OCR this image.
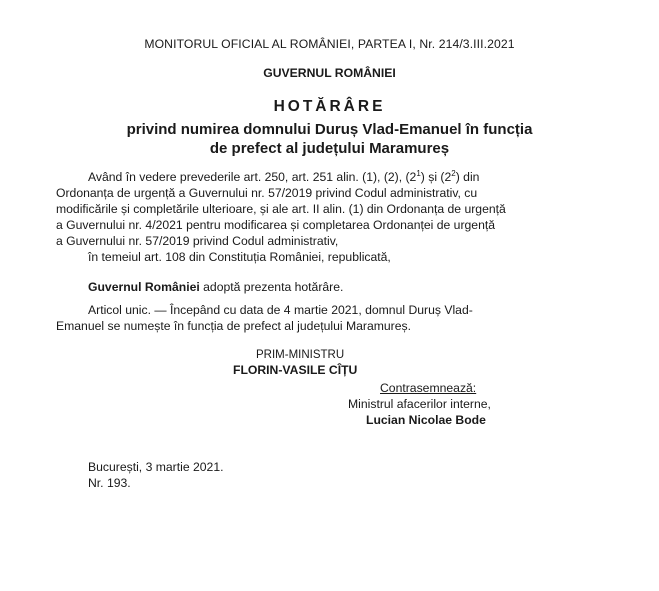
MONITORUL OFICIAL AL ROMÂNIEI, PARTEA I, Nr. 214/3.III.2021
GUVERNUL ROMÂNIEI
HOTĂRÂRE
privind numirea domnului Duruș Vlad-Emanuel în funcția
de prefect al județului Maramureș
Având în vedere prevederile art. 250, art. 251 alin. (1), (2), $(2^1)$ și $(2^2)$ din
Ordonanța de urgență a Guvernului nr. 57/2019 privind Codul administrativ, cu
modificările și completările ulterioare, și ale art. II alin. (1) din Ordonanța de urgență
a Guvernului nr. 4/2021 pentru modificarea și completarea Ordonanței de urgență
a Guvernului nr. 57/2019 privind Codul administrativ,
în temeiul art. 108 din Constituția României, republicată,
Guvernul României adoptă prezenta hotărâre.
Articol unic. — Începând cu data de 4 martie 2021, domnul Duruș Vlad-
Emanuel se numește în funcția de prefect al județului Maramureș.
PRIM-MINISTRU
FLORIN-VASILE CÎȚU
Contrasemnează:
Ministrul afacerilor interne,
Lucian Nicolae Bode
București, 3 martie 2021.
Nr. 193.
